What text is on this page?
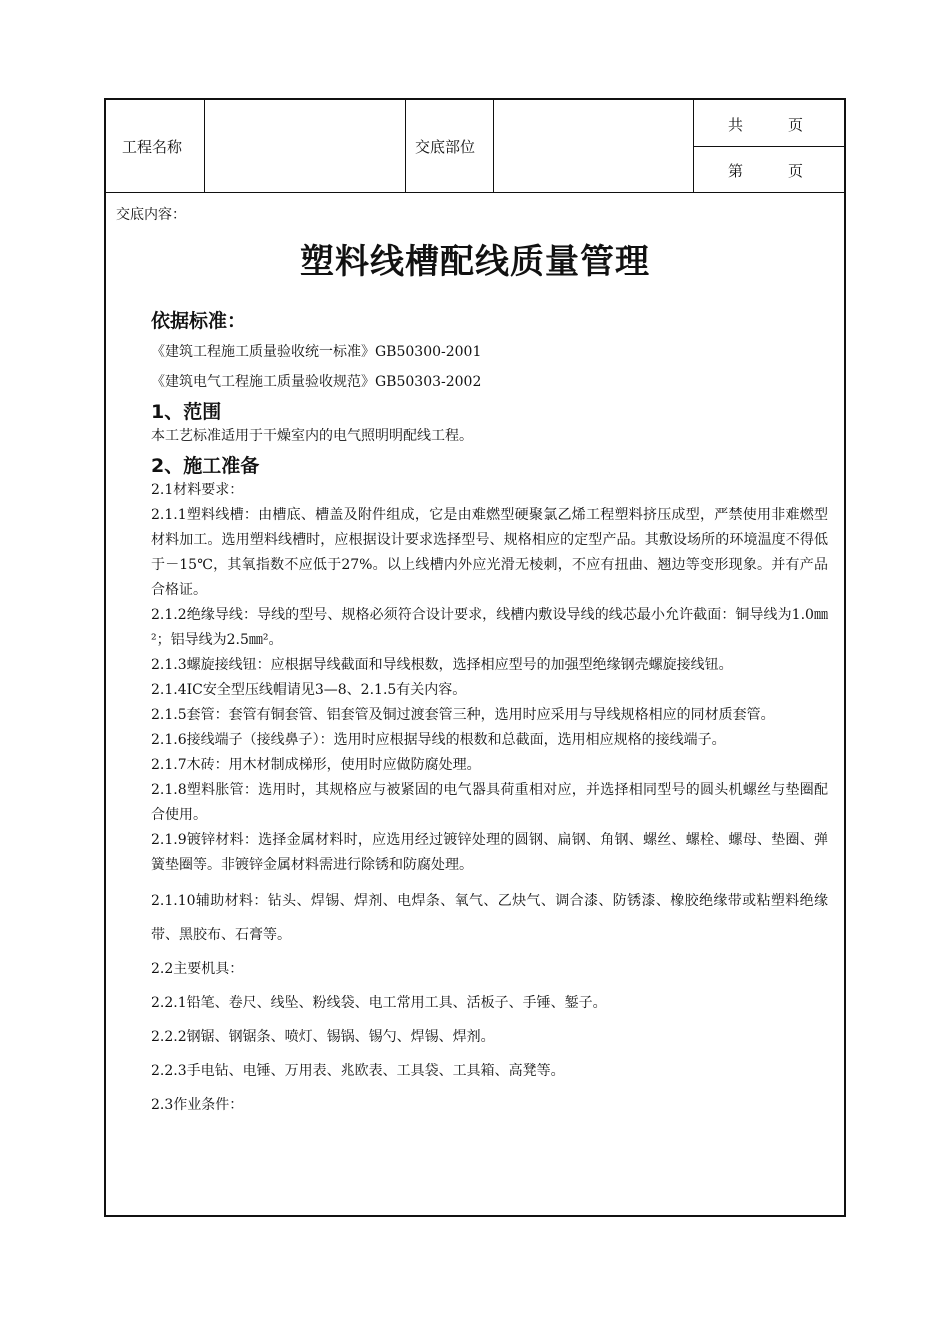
工程名称	交底部位
共　　　页
第　　　页
交底内容：
塑料线槽配线质量管理

依据标准：

《建筑工程施工质量验收统一标准》GB50300-2001

《建筑电气工程施工质量验收规范》GB50303-2002

1、范围

本工艺标准适用于干燥室内的电气照明明配线工程。

2、施工准备

2.1材料要求：

2.1.1塑料线槽：由槽底、槽盖及附件组成，它是由难燃型硬聚氯乙烯工程塑料挤压成型，严禁使用非难燃型材料加工。选用塑料线槽时，应根据设计要求选择型号、规格相应的定型产品。其敷设场所的环境温度不得低于－15℃，其氧指数不应低于27%。以上线槽内外应光滑无棱刺，不应有扭曲、翘边等变形现象。并有产品合格证。

2.1.2绝缘导线：导线的型号、规格必须符合设计要求，线槽内敷设导线的线芯最小允许截面：铜导线为1.0㎜²；铝导线为2.5㎜²。

2.1.3螺旋接线钮：应根据导线截面和导线根数，选择相应型号的加强型绝缘钢壳螺旋接线钮。

2.1.4IC安全型压线帽请见3—8、2.1.5有关内容。

2.1.5套管：套管有铜套管、铝套管及铜过渡套管三种，选用时应采用与导线规格相应的同材质套管。

2.1.6接线端子（接线鼻子）：选用时应根据导线的根数和总截面，选用相应规格的接线端子。

2.1.7木砖：用木材制成梯形，使用时应做防腐处理。

2.1.8塑料胀管：选用时，其规格应与被紧固的电气器具荷重相对应，并选择相同型号的圆头机螺丝与垫圈配合使用。

2.1.9镀锌材料：选择金属材料时，应选用经过镀锌处理的圆钢、扁钢、角钢、螺丝、螺栓、螺母、垫圈、弹簧垫圈等。非镀锌金属材料需进行除锈和防腐处理。

2.1.10辅助材料：钻头、焊锡、焊剂、电焊条、氧气、乙炔气、调合漆、防锈漆、橡胶绝缘带或粘塑料绝缘带、黑胶布、石膏等。

2.2主要机具：

2.2.1铅笔、卷尺、线坠、粉线袋、电工常用工具、活板子、手锤、錾子。

2.2.2钢锯、钢锯条、喷灯、锡锅、锡勺、焊锡、焊剂。

2.2.3手电钻、电锤、万用表、兆欧表、工具袋、工具箱、高凳等。

2.3作业条件：
